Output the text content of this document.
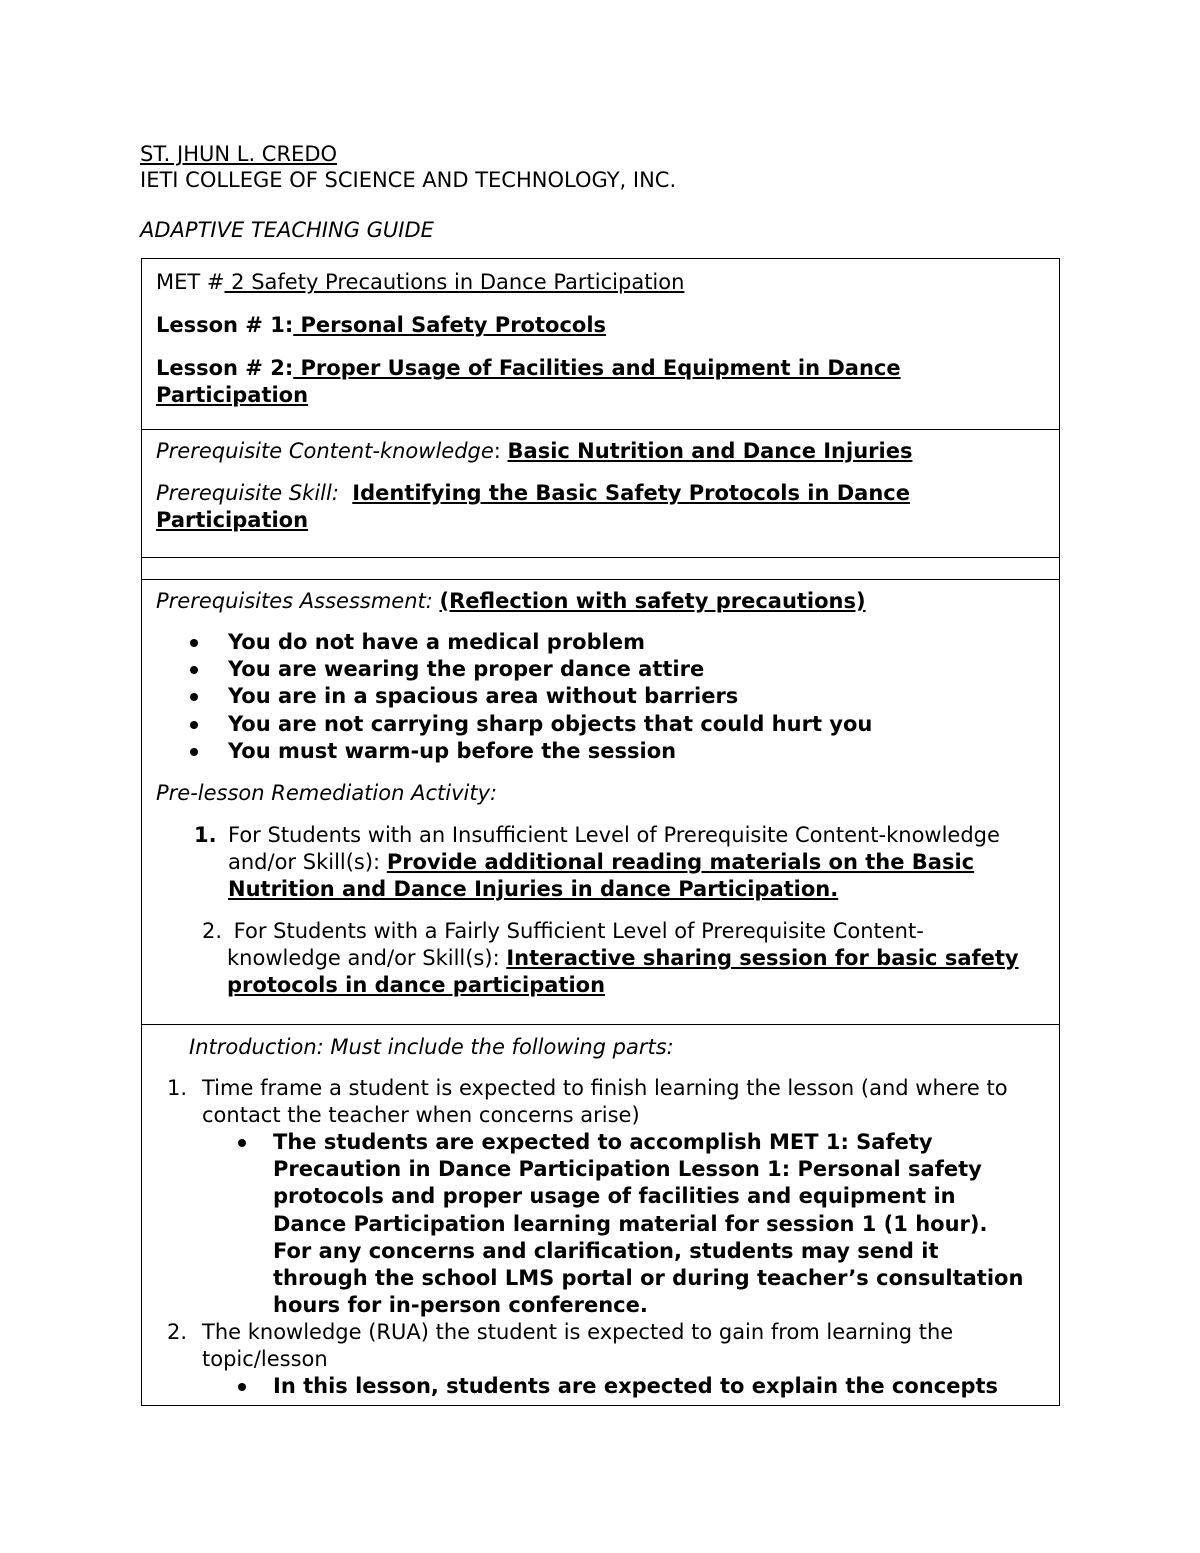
ST. JHUN L. CREDO
IETI COLLEGE OF SCIENCE AND TECHNOLOGY, INC.
ADAPTIVE TEACHING GUIDE

MET # 2 Safety Precautions in Dance Participation

Lesson # 1: Personal Safety Protocols

Lesson # 2: Proper Usage of Facilities and Equipment in Dance
Participation

Prerequisite Content-knowledge: Basic Nutrition and Dance Injuries

Prerequisite Skill:  Identifying the Basic Safety Protocols in Dance
Participation

Prerequisites Assessment: (Reflection with safety precautions)

You do not have a medical problem
You are wearing the proper dance attire
You are in a spacious area without barriers
You are not carrying sharp objects that could hurt you
You must warm-up before the session

Pre-lesson Remediation Activity:

1. For Students with an Insufficient Level of Prerequisite Content-knowledge
and/or Skill(s): Provide additional reading materials on the Basic
Nutrition and Dance Injuries in dance Participation.
2. For Students with a Fairly Sufficient Level of Prerequisite Content-
knowledge and/or Skill(s): Interactive sharing session for basic safety
protocols in dance participation

Introduction: Must include the following parts:

1. Time frame a student is expected to finish learning the lesson (and where to
contact the teacher when concerns arise)
The students are expected to accomplish MET 1: Safety
Precaution in Dance Participation Lesson 1: Personal safety
protocols and proper usage of facilities and equipment in
Dance Participation learning material for session 1 (1 hour).
For any concerns and clarification, students may send it
through the school LMS portal or during teacher’s consultation
hours for in-person conference.
2. The knowledge (RUA) the student is expected to gain from learning the
topic/lesson
In this lesson, students are expected to explain the concepts
